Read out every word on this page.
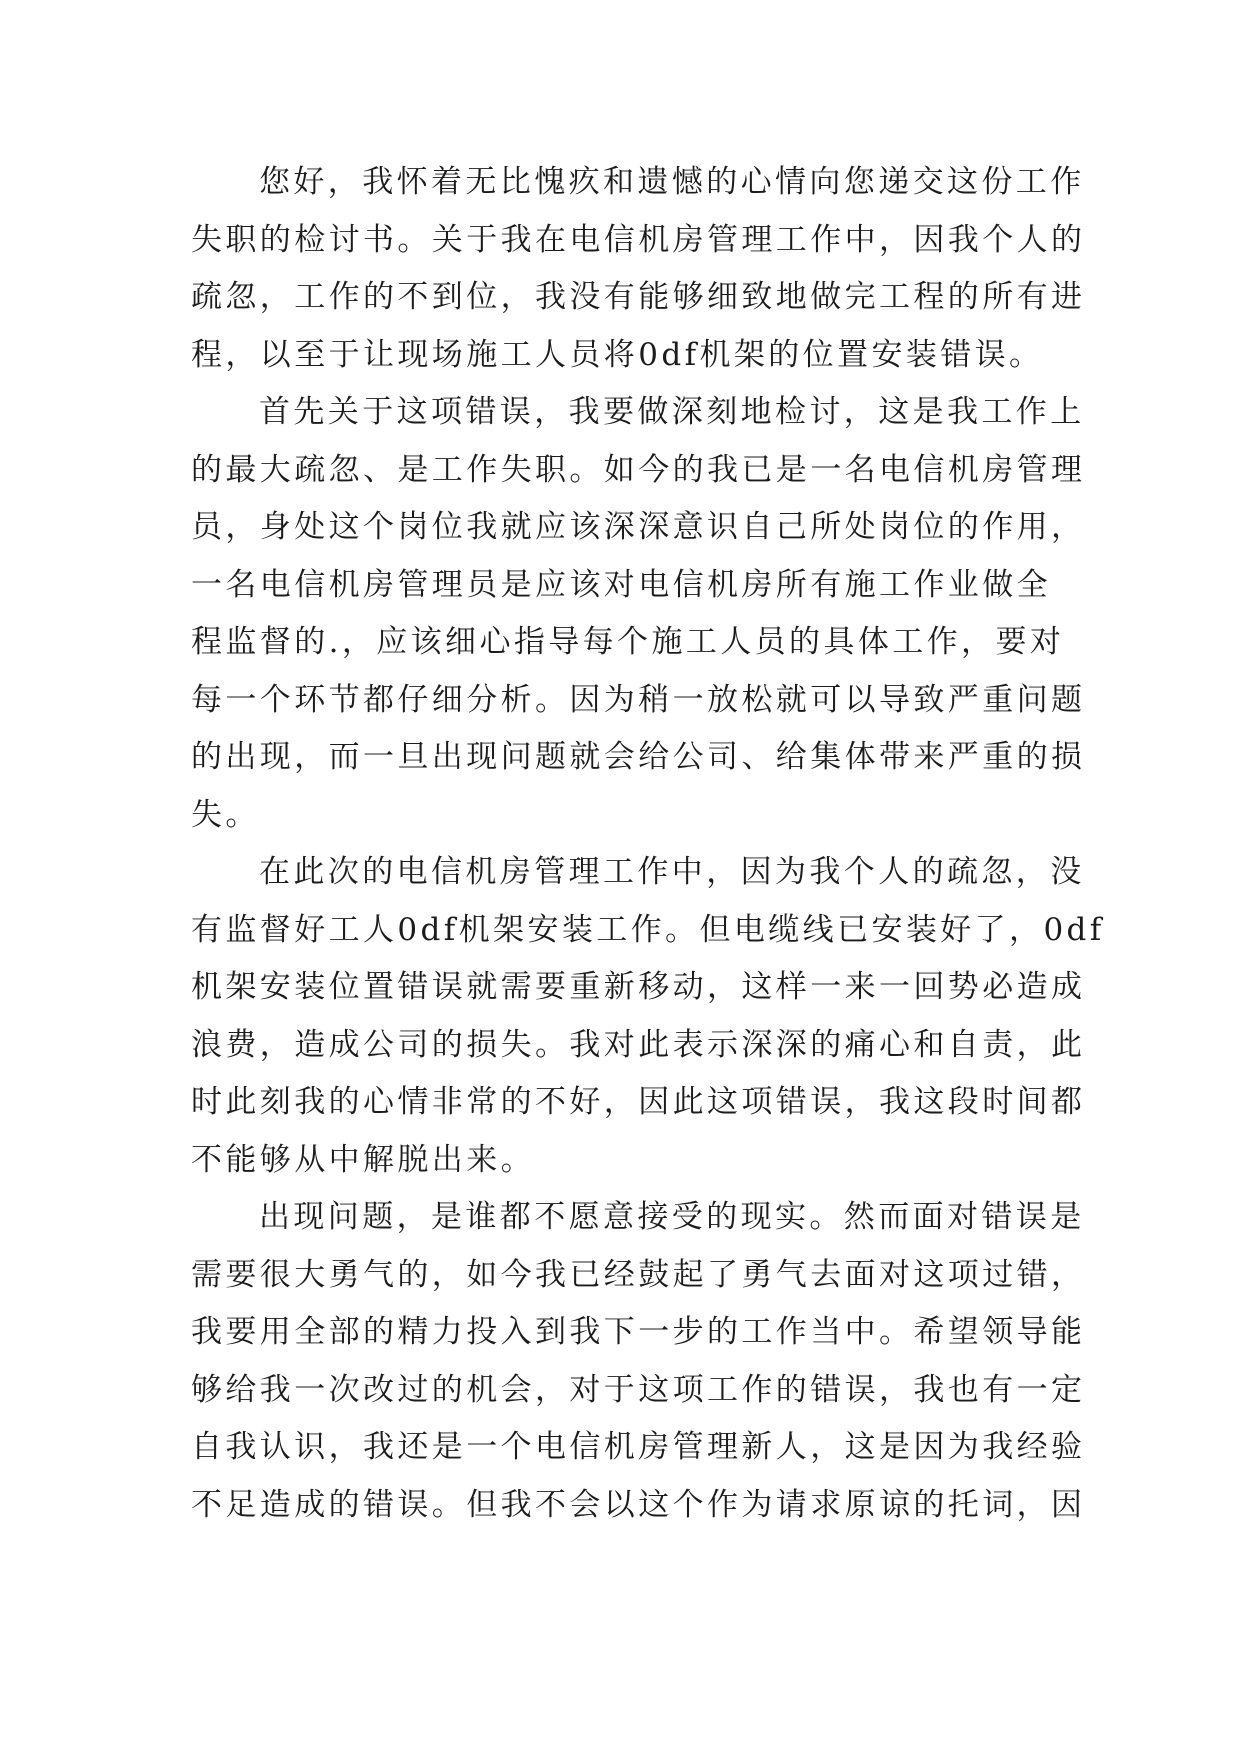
您好，我怀着无比愧疚和遗憾的心情向您递交这份工作
失职的检讨书。关于我在电信机房管理工作中，因我个人的
疏忽，工作的不到位，我没有能够细致地做完工程的所有进
程，以至于让现场施工人员将0df机架的位置安装错误。
首先关于这项错误，我要做深刻地检讨，这是我工作上
的最大疏忽、是工作失职。如今的我已是一名电信机房管理
员，身处这个岗位我就应该深深意识自己所处岗位的作用，
一名电信机房管理员是应该对电信机房所有施工作业做全
程监督的.，应该细心指导每个施工人员的具体工作，要对
每一个环节都仔细分析。因为稍一放松就可以导致严重问题
的出现，而一旦出现问题就会给公司、给集体带来严重的损
失。
在此次的电信机房管理工作中，因为我个人的疏忽，没
有监督好工人0df机架安装工作。但电缆线已安装好了，0df
机架安装位置错误就需要重新移动，这样一来一回势必造成
浪费，造成公司的损失。我对此表示深深的痛心和自责，此
时此刻我的心情非常的不好，因此这项错误，我这段时间都
不能够从中解脱出来。
出现问题，是谁都不愿意接受的现实。然而面对错误是
需要很大勇气的，如今我已经鼓起了勇气去面对这项过错，
我要用全部的精力投入到我下一步的工作当中。希望领导能
够给我一次改过的机会，对于这项工作的错误，我也有一定
自我认识，我还是一个电信机房管理新人，这是因为我经验
不足造成的错误。但我不会以这个作为请求原谅的托词，因
